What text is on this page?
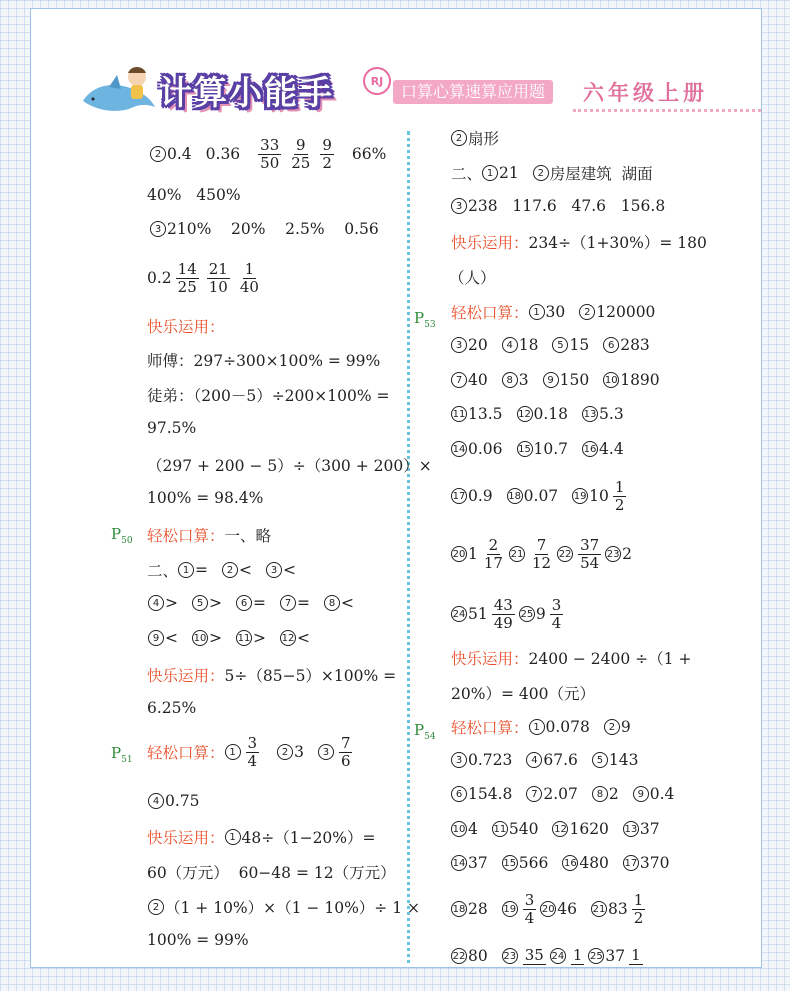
计算小能手	RJ
口算心算速算应用题	六年级上册
2 0.4 $0.36 \frac{33}{50} \frac{9}{25} \frac{9}{2} 66\%$
40%   450%
3 210%    20%    2.5%    0.56
$0.2 \frac{14}{25} \frac{21}{10} \frac{1}{40}$
快乐运用：
师傅：297÷300×100% = 99%
徒弟：（200－5）÷200×100% =
97.5%
（297 + 200 − 5）÷（300 + 200）×
100% = 98.4%
$P_{50}$ 轻松口算： 一、略
二、 1 =	2 <	3 <
4 >	5 >	6 =	7 =	8 <
9 < 10 > 11 > 12 <
快乐运用： 5÷（85−5）×100% =
6.25%
$P_{51}$ 轻松口算： $1 \frac{3}{4}$	2 3	$3 \frac{7}{6}$
4 0.75
快乐运用： 1 48÷（1−20%）=
60（万元）  60−48 = 12（万元）
2 （1 + 10%）×（1 − 10%）÷ 1 ×
100% = 99%
2 扇形
二、 1 21	2 房屋建筑  湖面
3 238   117.6   47.6   156.8
快乐运用： 234÷（1+30%）= 180
（人）
$P_{53}$
轻松口算： 1 30	2 120000
3 20	4 18	5 15	6 283
7 40	8 3	9 150 10 1890
11 13.5 12 0.18 13 5.3
14 0.06 15 10.7 16 4.4
17 0.9 18 0.07 19 $10 \frac{1}{2}$
20 $1 \frac{2}{17} 21 \frac{7}{12} 22 \frac{37}{54} 23$ 2
24 $51 \frac{43}{49} 25$ $9 \frac{3}{4}$
快乐运用： 2400 − 2400 ÷（1 +
20%）= 400（元）
$P_{54}$ 轻松口算： 1 0.078	2 9
3 0.723	4 67.6	5 143
6 154.8	7 2.07	8 2	9 0.4
10 4 11 540 12 1620 13 37
14 37 15 566 16 480 17 370
18 28 $19 \frac{3}{4} 20$ 46 21 $83 \frac{1}{2}$
22 80 23 35 24 1 25 37 1
